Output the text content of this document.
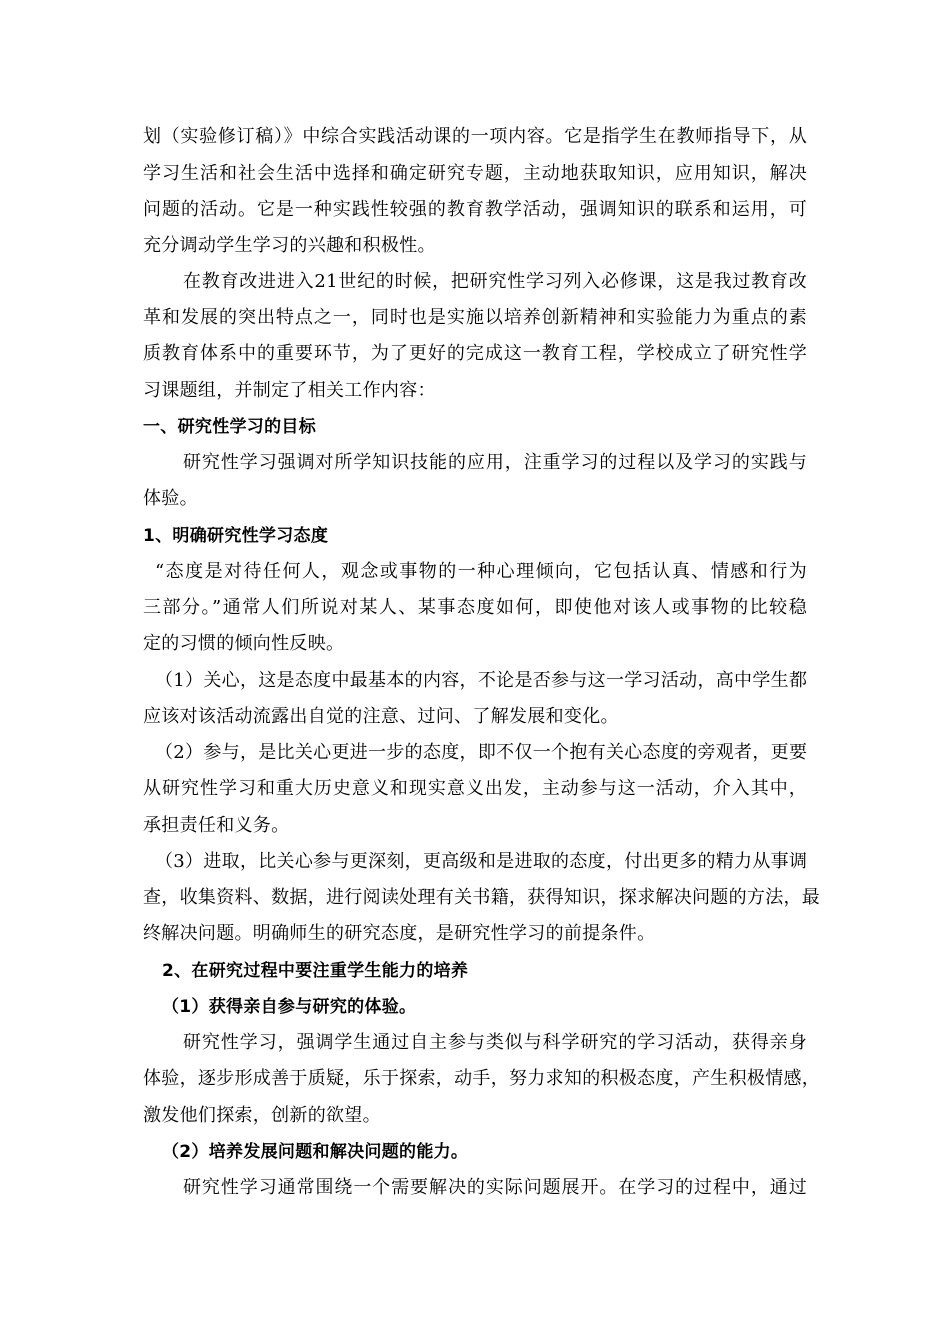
划（实验修订稿）》中综合实践活动课的一项内容。它是指学生在教师指导下，从
学习生活和社会生活中选择和确定研究专题，主动地获取知识，应用知识，解决
问题的活动。它是一种实践性较强的教育教学活动，强调知识的联系和运用，可
充分调动学生学习的兴趣和积极性。
在教育改进进入21世纪的时候，把研究性学习列入必修课，这是我过教育改
革和发展的突出特点之一，同时也是实施以培养创新精神和实验能力为重点的素
质教育体系中的重要环节，为了更好的完成这一教育工程，学校成立了研究性学
习课题组，并制定了相关工作内容：
一、研究性学习的目标
研究性学习强调对所学知识技能的应用，注重学习的过程以及学习的实践与
体验。
1、明确研究性学习态度
“态度是对待任何人，观念或事物的一种心理倾向，它包括认真、情感和行为
三部分。”通常人们所说对某人、某事态度如何，即使他对该人或事物的比较稳
定的习惯的倾向性反映。
（1）关心，这是态度中最基本的内容，不论是否参与这一学习活动，高中学生都
应该对该活动流露出自觉的注意、过问、了解发展和变化。
（2）参与，是比关心更进一步的态度，即不仅一个抱有关心态度的旁观者，更要
从研究性学习和重大历史意义和现实意义出发，主动参与这一活动，介入其中，
承担责任和义务。
（3）进取，比关心参与更深刻，更高级和是进取的态度，付出更多的精力从事调
查，收集资料、数据，进行阅读处理有关书籍，获得知识，探求解决问题的方法，最
终解决问题。明确师生的研究态度，是研究性学习的前提条件。
2、在研究过程中要注重学生能力的培养
（1）获得亲自参与研究的体验。
研究性学习，强调学生通过自主参与类似与科学研究的学习活动，获得亲身
体验，逐步形成善于质疑，乐于探索，动手，努力求知的积极态度，产生积极情感，
激发他们探索，创新的欲望。
（2）培养发展问题和解决问题的能力。
研究性学习通常围绕一个需要解决的实际问题展开。在学习的过程中，通过
